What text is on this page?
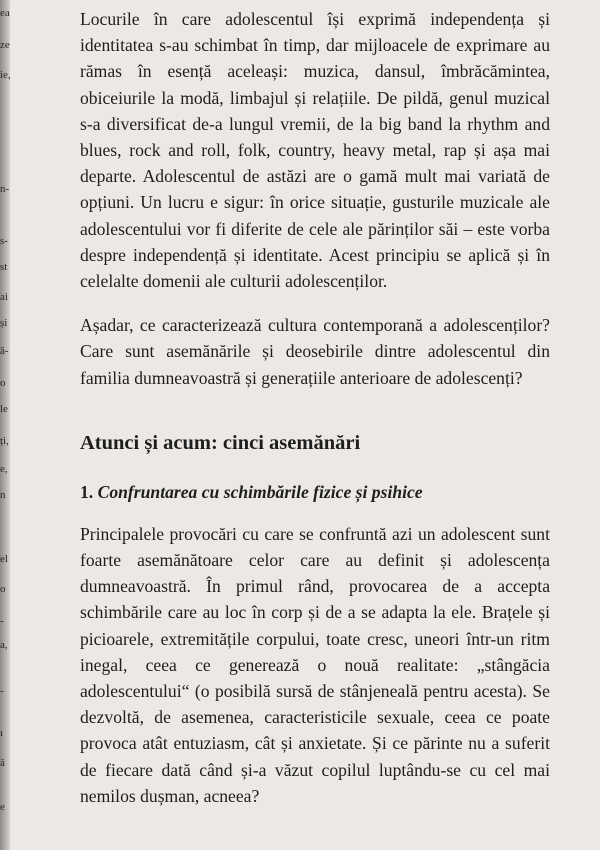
ea
ze
ie,
n-
s-
st
ai
și
ă-
o
le
ți,
e,
n
el
o
-
a,
-
ı
ă
e

Locurile în care adolescentul își exprimă independența și identitatea s-au schimbat în timp, dar mijloacele de exprimare au rămas în esență aceleași: muzica, dansul, îmbrăcămintea, obiceiurile la modă, limbajul și relațiile. De pildă, genul muzical s-a diversificat de-a lungul vremii, de la big band la rhythm and blues, rock and roll, folk, country, heavy metal, rap și așa mai departe. Adolescentul de astăzi are o gamă mult mai variată de opțiuni. Un lucru e sigur: în orice situație, gusturile muzicale ale adolescentului vor fi diferite de cele ale părinților săi – este vorba despre independență și identitate. Acest principiu se aplică și în celelalte domenii ale culturii adolescenților.

Așadar, ce caracterizează cultura contemporană a adolescenților? Care sunt asemănările și deosebirile dintre adolescentul din familia dumneavoastră și generațiile anterioare de adolescenți?

Atunci și acum: cinci asemănări
1. Confruntarea cu schimbările fizice și psihice

Principalele provocări cu care se confruntă azi un adolescent sunt foarte asemănătoare celor care au definit și adolescența dumneavoastră. În primul rând, provocarea de a accepta schimbările care au loc în corp și de a se adapta la ele. Brațele și picioarele, extremitățile corpului, toate cresc, uneori într-un ritm inegal, ceea ce generează o nouă realitate: „stângăcia adolescentului“ (o posibilă sursă de stânjeneală pentru acesta). Se dezvoltă, de asemenea, caracteristicile sexuale, ceea ce poate provoca atât entuziasm, cât și anxietate. Și ce părinte nu a suferit de fiecare dată când și-a văzut copilul luptându-se cu cel mai nemilos dușman, acneea?
